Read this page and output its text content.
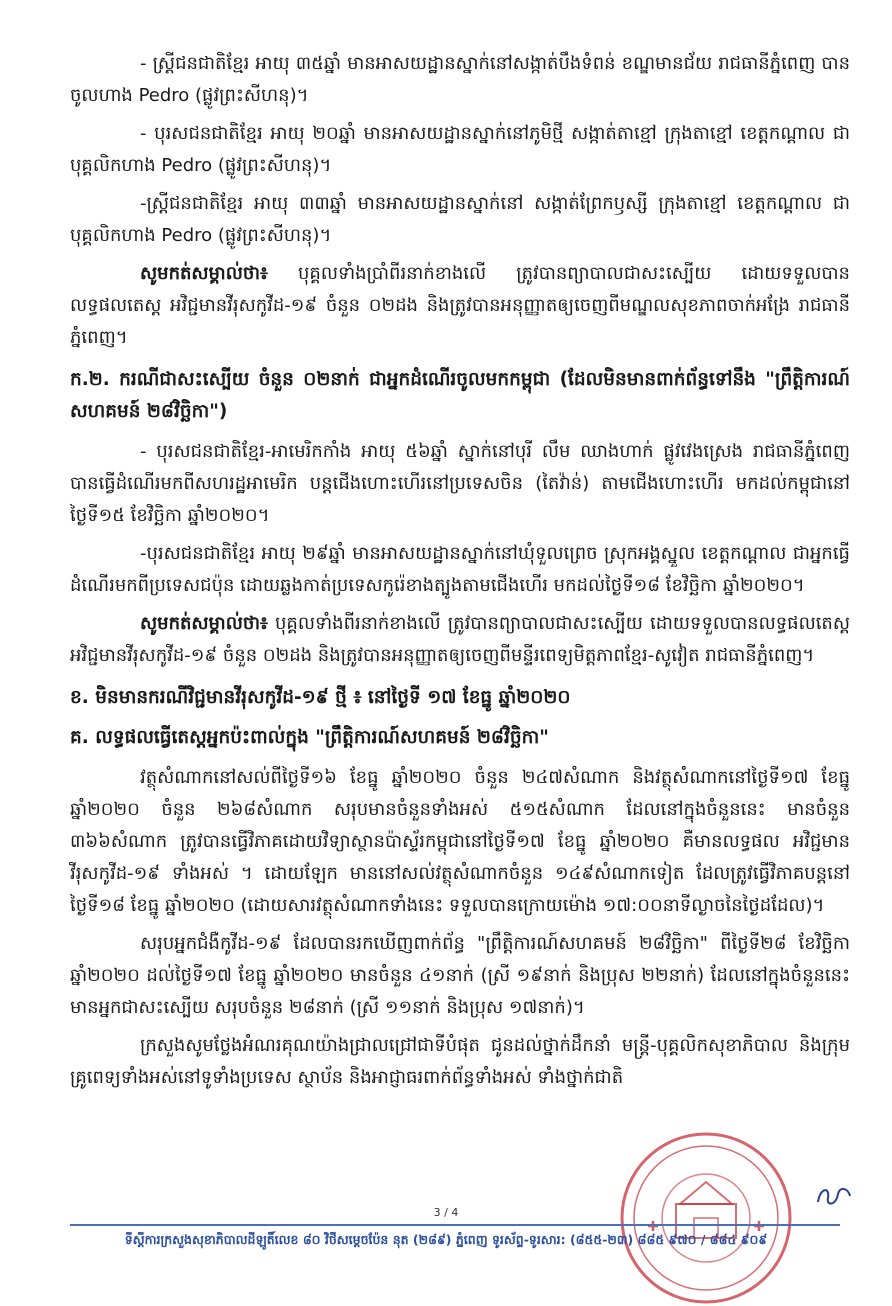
- ស្ត្រីជនជាតិខ្មែរ អាយុ ៣៥ឆ្នាំ មានអាសយដ្ឋានស្នាក់នៅសង្កាត់បឹងទំពន់ ខណ្ឌមានជ័យ រាជធានីភ្នំពេញ បានចូលហាង Pedro (ផ្លូវព្រះសីហនុ)។

- បុរសជនជាតិខ្មែរ អាយុ ២០ឆ្នាំ មានអាសយដ្ឋានស្នាក់នៅភូមិថ្មី សង្កាត់តាខ្មៅ ក្រុងតាខ្មៅ ខេត្តកណ្ដាល ជាបុគ្គលិកហាង Pedro (ផ្លូវព្រះសីហនុ)។

-ស្ត្រីជនជាតិខ្មែរ អាយុ ៣៣ឆ្នាំ មានអាសយដ្ឋានស្នាក់នៅ សង្កាត់ព្រែកឫស្សី ក្រុងតាខ្មៅ ខេត្តកណ្ដាល ជាបុគ្គលិកហាង Pedro (ផ្លូវព្រះសីហនុ)។

សូមកត់សម្គាល់ថា៖ បុគ្គលទាំងប្រាំពីរនាក់ខាងលើ ត្រូវបានព្យាបាលជាសះស្បើយ ដោយទទួលបានលទ្ធផលតេស្ត អវិជ្ជមានវីរុសកូវីដ-១៩ ចំនួន ០២ដង និងត្រូវបានអនុញ្ញាតឲ្យចេញពីមណ្ឌលសុខភាពចាក់អង្រែ រាជធានីភ្នំពេញ។

ក.២. ករណីជាសះស្បើយ ចំនួន ០២នាក់ ជាអ្នកដំណើរចូលមកកម្ពុជា (ដែលមិនមានពាក់ព័ន្ធទៅនឹង "ព្រឹត្តិការណ៍សហគមន៍ ២៨វិច្ឆិកា")

- បុរសជនជាតិខ្មែរ-អាមេរិកកាំង អាយុ ៥៦ឆ្នាំ ស្នាក់នៅបុរី លឹម ឈាងហាក់ ផ្លូវវេងស្រេង រាជធានីភ្នំពេញ បានធ្វើដំណើរមកពីសហរដ្ឋអាមេរិក បន្តជើងហោះហើរនៅប្រទេសចិន (តៃវ៉ាន់) តាមជើងហោះហើរ មកដល់កម្ពុជានៅថ្ងៃទី១៥ ខែវិច្ឆិកា ឆ្នាំ២០២០។

-បុរសជនជាតិខ្មែរ អាយុ ២៩ឆ្នាំ មានអាសយដ្ឋានស្នាក់នៅឃុំទួលព្រេច ស្រុកអង្គស្នួល ខេត្តកណ្ដាល ជាអ្នកធ្វើដំណើរមកពីប្រទេសជប៉ុន ដោយឆ្លងកាត់ប្រទេសកូរ៉េខាងត្បូងតាមជើងហើរ មកដល់ថ្ងៃទី១៨ ខែវិច្ឆិកា ឆ្នាំ២០២០។

សូមកត់សម្គាល់ថា៖ បុគ្គលទាំងពីរនាក់ខាងលើ ត្រូវបានព្យាបាលជាសះស្បើយ ដោយទទួលបានលទ្ធផលតេស្ត អវិជ្ជមានវីរុសកូវីដ-១៩ ចំនួន ០២ដង និងត្រូវបានអនុញ្ញាតឲ្យចេញពីមន្ទីរពេទ្យមិត្តភាពខ្មែរ-សូវៀត រាជធានីភ្នំពេញ។

ខ. មិនមានករណីវិជ្ជមានវីរុសកូវីដ-១៩ ថ្មី ៖ នៅថ្ងៃទី ១៧ ខែធ្នូ ឆ្នាំ២០២០

គ. លទ្ធផលធ្វើតេស្តអ្នកប៉ះពាល់ក្នុង "ព្រឹត្តិការណ៍សហគមន៍ ២៨វិច្ឆិកា"

វត្ថុសំណាកនៅសល់ពីថ្ងៃទី១៦ ខែធ្នូ ឆ្នាំ២០២០ ចំនួន ២៤៧សំណាក និងវត្ថុសំណាកនៅថ្ងៃទី១៧ ខែធ្នូ ឆ្នាំ២០២០ ចំនួន ២៦៨សំណាក សរុបមានចំនួនទាំងអស់ ៥១៥សំណាក ដែលនៅក្នុងចំនួននេះ មានចំនួន ៣៦៦សំណាក ត្រូវបានធ្វើវិភាគដោយវិទ្យាស្ថានប៉ាស្ទ័រកម្ពុជានៅថ្ងៃទី១៧ ខែធ្នូ ឆ្នាំ២០២០ គឺមានលទ្ធផល អវិជ្ជមានវីរុសកូវីដ-១៩ ទាំងអស់ ។ ដោយឡែក មាននៅសល់វត្ថុសំណាកចំនួន ១៤៩សំណាកទៀត ដែលត្រូវធ្វើវិភាគបន្តនៅថ្ងៃទី១៨ ខែធ្នូ ឆ្នាំ២០២០ (ដោយសារវត្ថុសំណាកទាំងនេះ ទទួលបានក្រោយម៉ោង ១៧:០០នាទីល្ងាចនៃថ្ងៃដដែល)។

សរុបអ្នកជំងឺកូវីដ-១៩ ដែលបានរកឃើញពាក់ព័ន្ធ "ព្រឹត្តិការណ៍សហគមន៍ ២៨វិច្ឆិកា" ពីថ្ងៃទី២៨ ខែវិច្ឆិកា ឆ្នាំ២០២០ ដល់ថ្ងៃទី១៧ ខែធ្នូ ឆ្នាំ២០២០ មានចំនួន ៤១នាក់ (ស្រី ១៩នាក់ និងប្រុស ២២នាក់) ដែលនៅក្នុងចំនួននេះ មានអ្នកជាសះស្បើយ សរុបចំនួន ២៨នាក់ (ស្រី ១១នាក់ និងប្រុស ១៧នាក់)។

ក្រសួងសូមថ្លែងអំណរគុណយ៉ាងជ្រាលជ្រៅជាទីបំផុត ជូនដល់ថ្នាក់ដឹកនាំ មន្ត្រី-បុគ្គលិកសុខាភិបាល និងក្រុមគ្រូពេទ្យទាំងអស់នៅទូទាំងប្រទេស ស្ថាប័ន និងអាជ្ញាធរពាក់ព័ន្ធទាំងអស់ ទាំងថ្នាក់ជាតិ

3 / 4
ទីស្តីការក្រសួងសុខាភិបាលដីឡូតិ៍លេខ ៨០ វិថីសម្តេចប៉ែន នុត (២៨៩) ភ្នំពេញ ទូរស័ព្ទ-ទូរសារ: (៨៥៥-២៣) ៨៨៥ ៩៧០ / ៨៨៤ ៩០៩
